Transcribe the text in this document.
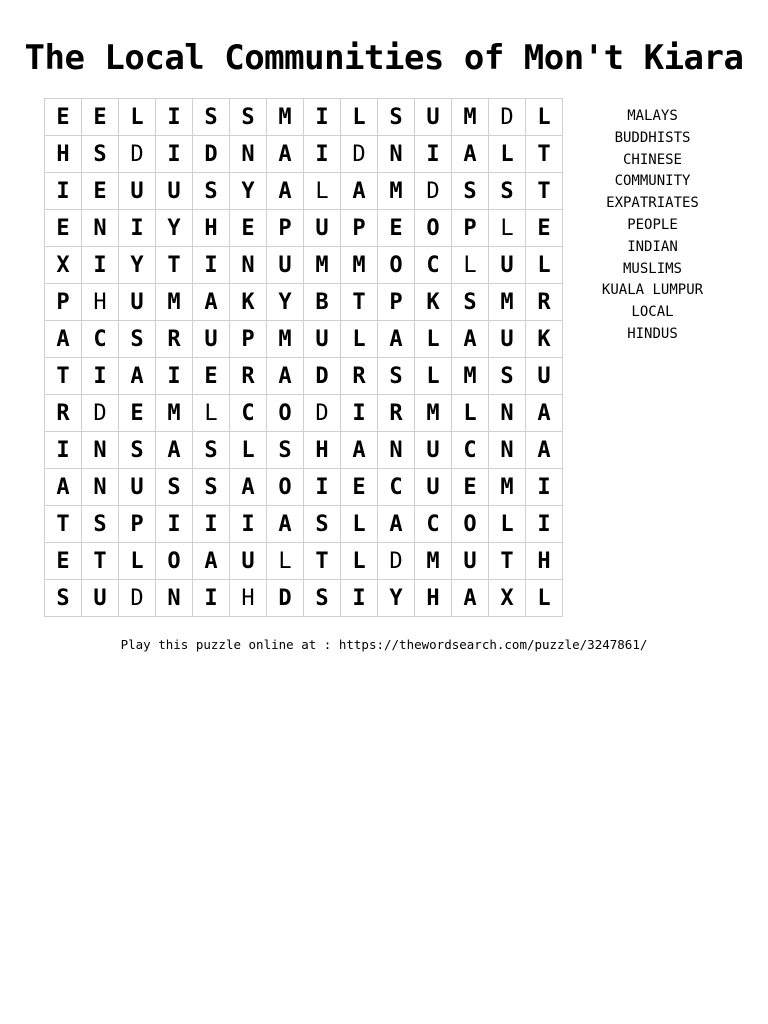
The Local Communities of Mon't Kiara
E	E	L	I	S	S	M	I	L	S	U	M	D	L
H	S	D	I	D	N	A	I	D	N	I	A	L	T
I	E	U	U	S	Y	A	L	A	M	D	S	S	T
E	N	I	Y	H	E	P	U	P	E	O	P	L	E
X	I	Y	T	I	N	U	M	M	O	C	L	U	L
P	H	U	M	A	K	Y	B	T	P	K	S	M	R
A	C	S	R	U	P	M	U	L	A	L	A	U	K
T	I	A	I	E	R	A	D	R	S	L	M	S	U
R	D	E	M	L	C	O	D	I	R	M	L	N	A
I	N	S	A	S	L	S	H	A	N	U	C	N	A
A	N	U	S	S	A	O	I	E	C	U	E	M	I
T	S	P	I	I	I	A	S	L	A	C	O	L	I
E	T	L	O	A	U	L	T	L	D	M	U	T	H
S	U	D	N	I	H	D	S	I	Y	H	A	X	L
MALAYS
BUDDHISTS
CHINESE
COMMUNITY
EXPATRIATES
PEOPLE
INDIAN
MUSLIMS
KUALA LUMPUR
LOCAL
HINDUS
Play this puzzle online at : https://thewordsearch.com/puzzle/3247861/
